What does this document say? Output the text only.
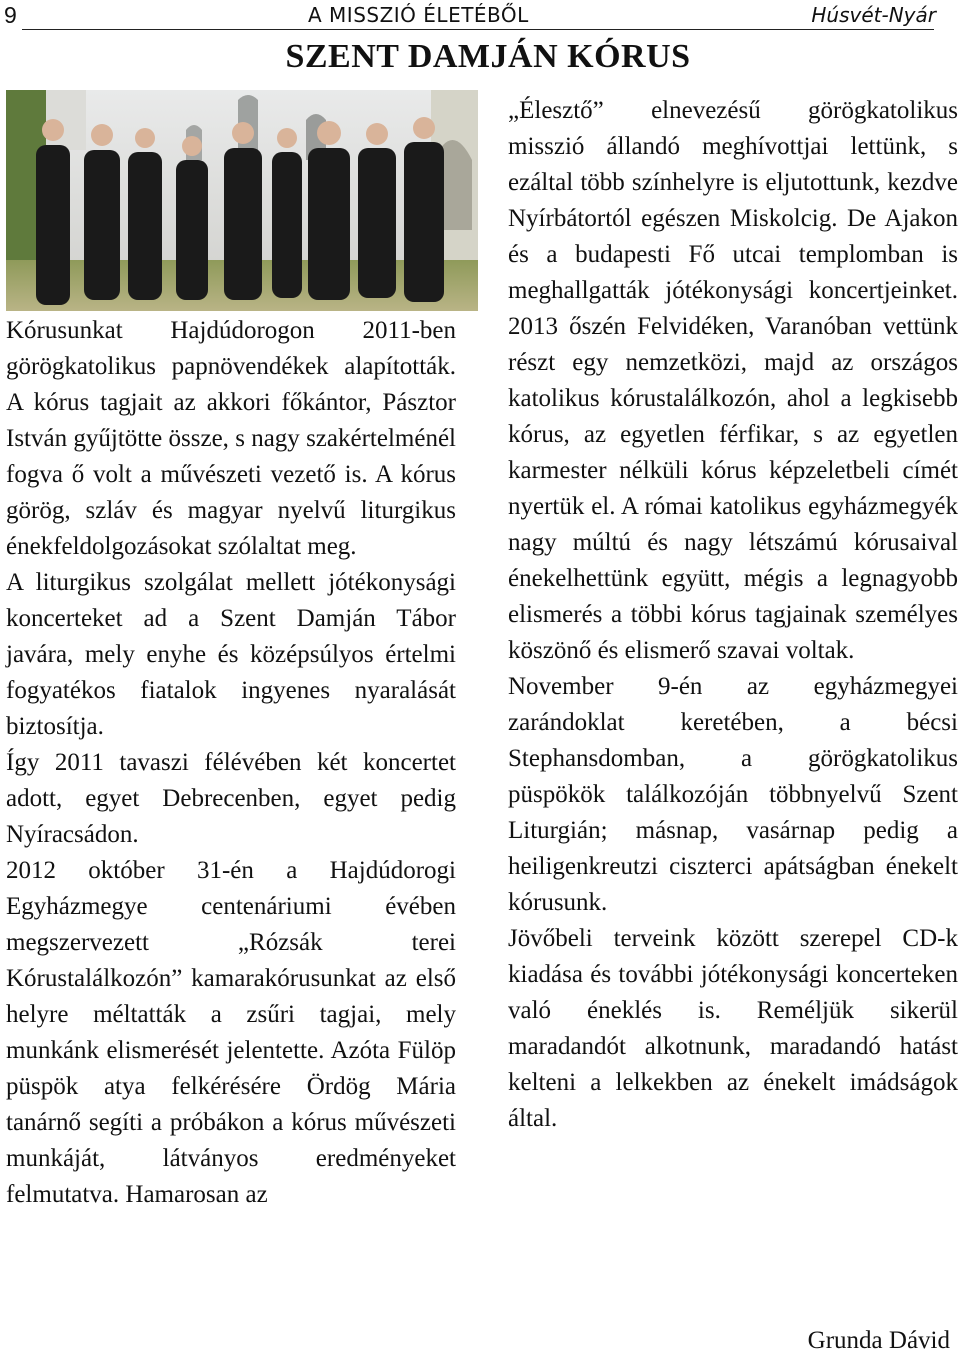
9	A MISSZIÓ ÉLETÉBŐL	Húsvét-Nyár
SZENT DAMJÁN KÓRUS

Kórusunkat Hajdúdorogon 2011-ben görögkatolikus papnövendékek alapították. A kórus tagjait az akkori főkántor, Pásztor István gyűjtötte össze, s nagy szakértelménél fogva ő volt a művészeti vezető is. A kórus görög, szláv és magyar nyelvű liturgikus énekfeldolgozásokat szólaltat meg.

A liturgikus szolgálat mellett jótékonysági koncerteket ad a Szent Damján Tábor javára, mely enyhe és középsúlyos értelmi fogyatékos fiatalok ingyenes nyaralását biztosítja.

Így 2011 tavaszi félévében két koncertet adott, egyet Debrecenben, egyet pedig Nyíracsádon.

2012 október 31-én a Hajdúdorogi Egyházmegye centenáriumi évében megszervezett „Rózsák terei Kórustalálkozón” kamarakórusunkat az első helyre méltatták a zsűri tagjai, mely munkánk elismerését jelentette. Azóta Fülöp püspök atya felkérésére Ördög Mária tanárnő segíti a próbákon a kórus művészeti munkáját, látványos eredményeket felmutatva. Hamarosan az

„Élesztő” elnevezésű görögkatolikus misszió állandó meghívottjai lettünk, s ezáltal több színhelyre is eljutottunk, kezdve Nyírbátortól egészen Miskolcig. De Ajakon és a budapesti Fő utcai templomban is meghallgatták jótékonysági koncertjeinket. 2013 őszén Felvidéken, Varanóban vettünk részt egy nemzetközi, majd az országos katolikus kórustalálkozón, ahol a legkisebb kórus, az egyetlen férfikar, s az egyetlen karmester nélküli kórus képzeletbeli címét nyertük el. A római katolikus egyházmegyék nagy múltú és nagy létszámú kórusaival énekelhettünk együtt, mégis a legnagyobb elismerés a többi kórus tagjainak személyes köszönő és elismerő szavai voltak.

November 9-én az egyházmegyei zarándoklat keretében, a bécsi Stephansdomban, a görögkatolikus püspökök találkozóján többnyelvű Szent Liturgián; másnap, vasárnap pedig a heiligenkreutzi ciszterci apátságban énekelt kórusunk.

Jövőbeli terveink között szerepel CD-k kiadása és további jótékonysági koncerteken való éneklés is. Reméljük sikerül maradandót alkotnunk, maradandó hatást kelteni a lelkekben az énekelt imádságok által.

Grunda Dávid
